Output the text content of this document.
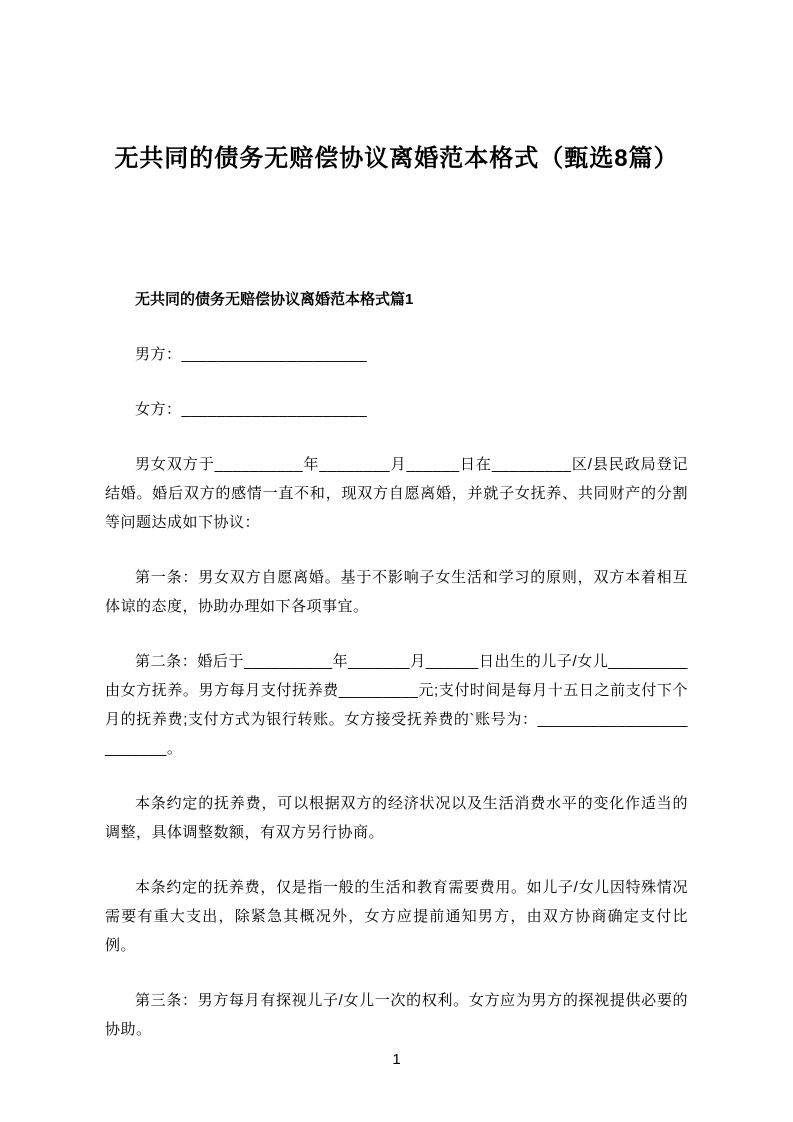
无共同的债务无赔偿协议离婚范本格式（甄选8篇）
无共同的债务无赔偿协议离婚范本格式篇1

男方：_____________________

女方：_____________________

男女双方于__________年________月______日在_________区/县民政局登记结婚。婚后双方的感情一直不和，现双方自愿离婚，并就子女抚养、共同财产的分割等问题达成如下协议：

第一条：男女双方自愿离婚。基于不影响子女生活和学习的原则，双方本着相互体谅的态度，协助办理如下各项事宜。

第二条：婚后于__________年_______月______日出生的儿子/女儿_________由女方抚养。男方每月支付抚养费_________元;支付时间是每月十五日之前支付下个月的抚养费;支付方式为银行转账。女方接受抚养费的`账号为：________________________。

本条约定的抚养费，可以根据双方的经济状况以及生活消费水平的变化作适当的调整，具体调整数额，有双方另行协商。

本条约定的抚养费，仅是指一般的生活和教育需要费用。如儿子/女儿因特殊情况需要有重大支出，除紧急其概况外，女方应提前通知男方，由双方协商确定支付比例。

第三条：男方每月有探视儿子/女儿一次的权利。女方应为男方的探视提供必要的协助。

1
